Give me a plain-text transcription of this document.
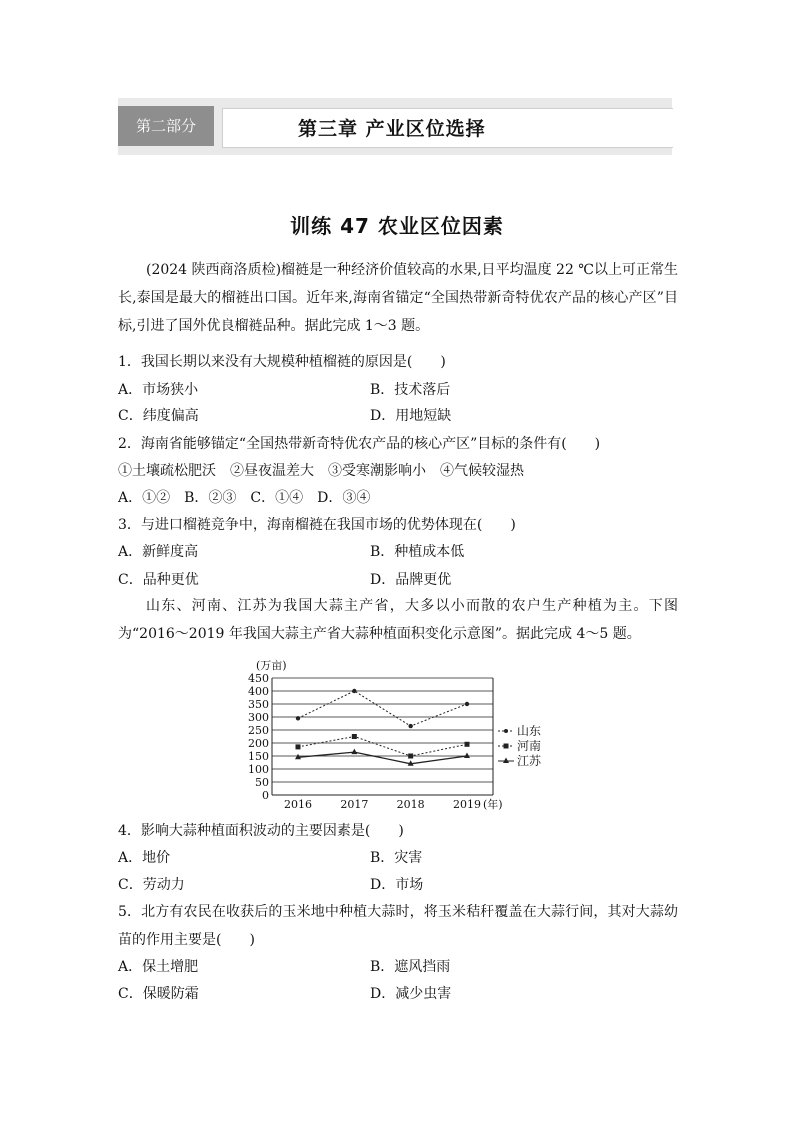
第二部分	第三章 产业区位选择
训练 47 农业区位因素
(2024 陕西商洛质检)榴裢是一种经济价值较高的水果,日平均温度 22 ℃以上可正常生长,泰国是最大的榴裢出口国。近年来,海南省锚定“全国热带新奇特优农产品的核心产区”目标,引进了国外优良榴裢品种。据此完成 1～3 题。
1．我国长期以来没有大规模种植榴裢的原因是(　　)
A．市场狭小	B．技术落后
C．纬度偏高	D．用地短缺
2．海南省能够锚定“全国热带新奇特优农产品的核心产区”目标的条件有(　　)
①土壤疏松肥沃　②昼夜温差大　③受寒潮影响小　④气候较湿热
A．①②　B．②③　C．①④　D．③④
3．与进口榴裢竞争中，海南榴裢在我国市场的优势体现在(　　)
A．新鲜度高	B．种植成本低
C．品种更优	D．品牌更优
山东、河南、江苏为我国大蒜主产省，大多以小而散的农户生产种植为主。下图为“2016～2019 年我国大蒜主产省大蒜种植面积变化示意图”。据此完成 4～5 题。
(万亩)
0
50
100
150
200
250
300
350
400
450
2016	2017	2018	2019 (年)
山东
河南
江苏
4．影响大蒜种植面积波动的主要因素是(　　)
A．地价	B．灾害
C．劳动力	D．市场
5．北方有农民在收获后的玉米地中种植大蒜时，将玉米秸秆覆盖在大蒜行间，其对大蒜幼苗的作用主要是(　　)
A．保土增肥	B．遮风挡雨
C．保暖防霜	D．减少虫害
